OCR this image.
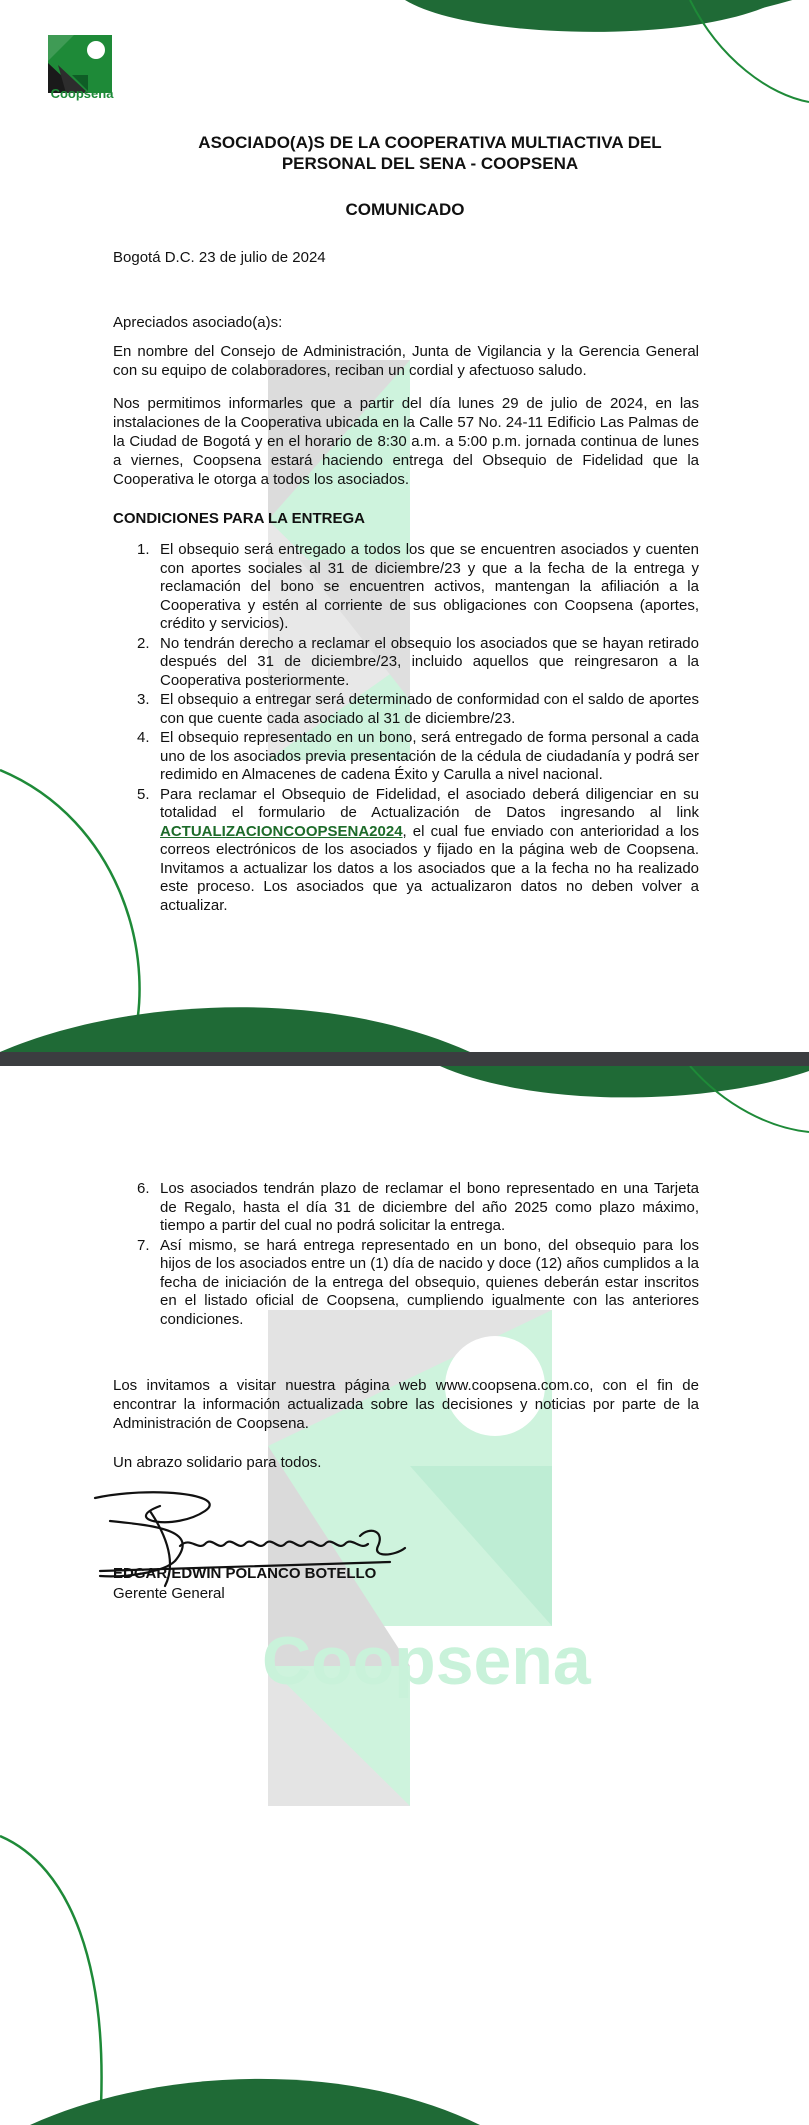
Coopsena
ASOCIADO(A)S DE LA COOPERATIVA MULTIACTIVA DEL PERSONAL DEL SENA - COOPSENA
COMUNICADO
Bogotá D.C. 23 de julio de 2024
Apreciados asociado(a)s:
En nombre del Consejo de Administración, Junta de Vigilancia y la Gerencia General con su equipo de colaboradores, reciban un cordial y afectuoso saludo.
Nos permitimos informarles que a partir del día lunes 29 de julio de 2024, en las instalaciones de la Cooperativa ubicada en la Calle 57 No. 24-11 Edificio Las Palmas de la Ciudad de Bogotá y en el horario de 8:30 a.m. a 5:00 p.m. jornada continua de lunes a viernes, Coopsena estará haciendo entrega del Obsequio de Fidelidad que la Cooperativa le otorga a todos los asociados.
CONDICIONES PARA LA ENTREGA
1. El obsequio será entregado a todos los que se encuentren asociados y cuenten con aportes sociales al 31 de diciembre/23 y que a la fecha de la entrega y reclamación del bono se encuentren activos, mantengan la afiliación a la Cooperativa y estén al corriente de sus obligaciones con Coopsena (aportes, crédito y servicios).
2. No tendrán derecho a reclamar el obsequio los asociados que se hayan retirado después del 31 de diciembre/23, incluido aquellos que reingresaron a la Cooperativa posteriormente.
3. El obsequio a entregar será determinado de conformidad con el saldo de aportes con que cuente cada asociado al 31 de diciembre/23.
4. El obsequio representado en un bono, será entregado de forma personal a cada uno de los asociados previa presentación de la cédula de ciudadanía y podrá ser redimido en Almacenes de cadena Éxito y Carulla a nivel nacional.
5. Para reclamar el Obsequio de Fidelidad, el asociado deberá diligenciar en su totalidad el formulario de Actualización de Datos ingresando al link ACTUALIZACIONCOOPSENA2024, el cual fue enviado con anterioridad a los correos electrónicos de los asociados y fijado en la página web de Coopsena. Invitamos a actualizar los datos a los asociados que a la fecha no ha realizado este proceso. Los asociados que ya actualizaron datos no deben volver a actualizar.
Coopsena
6. Los asociados tendrán plazo de reclamar el bono representado en una Tarjeta de Regalo, hasta el día 31 de diciembre del año 2025 como plazo máximo, tiempo a partir del cual no podrá solicitar la entrega.
7. Así mismo, se hará entrega representado en un bono, del obsequio para los hijos de los asociados entre un (1) día de nacido y doce (12) años cumplidos a la fecha de iniciación de la entrega del obsequio, quienes deberán estar inscritos en el listado oficial de Coopsena, cumpliendo igualmente con las anteriores condiciones.
Los invitamos a visitar nuestra página web www.coopsena.com.co, con el fin de encontrar la información actualizada sobre las decisiones y noticias por parte de la Administración de Coopsena.
Un abrazo solidario para todos.
EDGAR EDWIN POLANCO BOTELLO
Gerente General
